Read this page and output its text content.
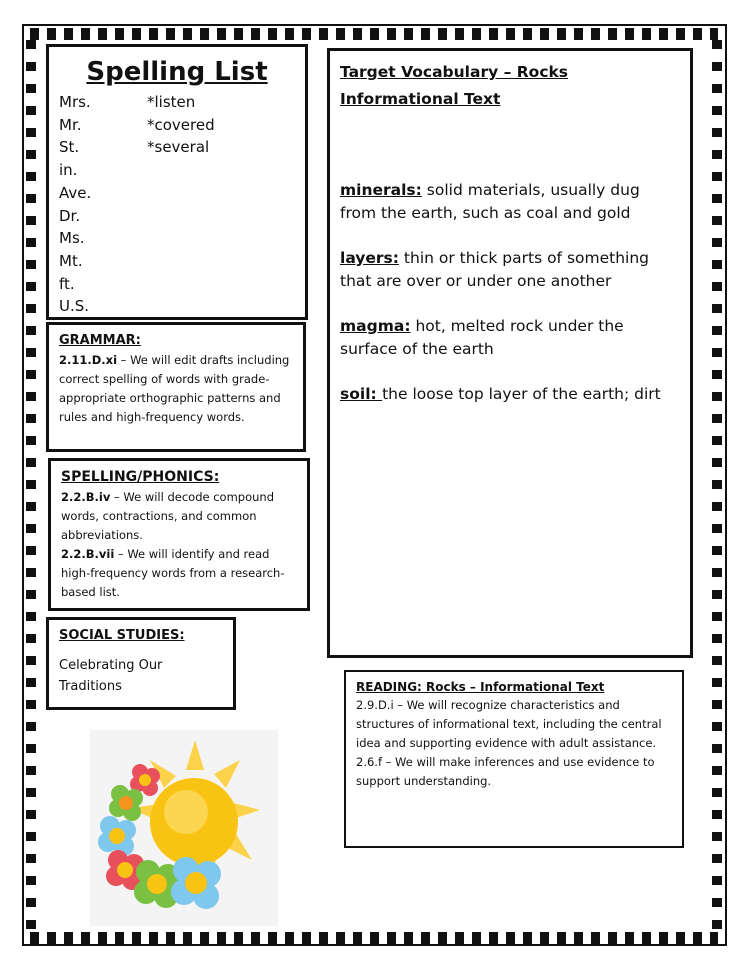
Spelling List
Mrs.
Mr.
St.
in.
Ave.
Dr.
Ms.
Mt.
ft.
U.S.
*listen
*covered
*several
GRAMMAR:
2.11.D.xi – We will edit drafts including correct spelling of words with grade-appropriate orthographic patterns and rules and high-frequency words.
SPELLING/PHONICS:
2.2.B.iv – We will decode compound words, contractions, and common abbreviations.
2.2.B.vii – We will identify and read high-frequency words from a research-based list.
SOCIAL STUDIES:
Celebrating Our Traditions
Target Vocabulary – Rocks
Informational Text
minerals: solid materials, usually dug from the earth, such as coal and gold
layers: thin or thick parts of something that are over or under one another
magma: hot, melted rock under the surface of the earth
soil: the loose top layer of the earth; dirt
READING: Rocks – Informational Text
2.9.D.i – We will recognize characteristics and structures of informational text, including the central idea and supporting evidence with adult assistance.
2.6.f – We will make inferences and use evidence to support understanding.
